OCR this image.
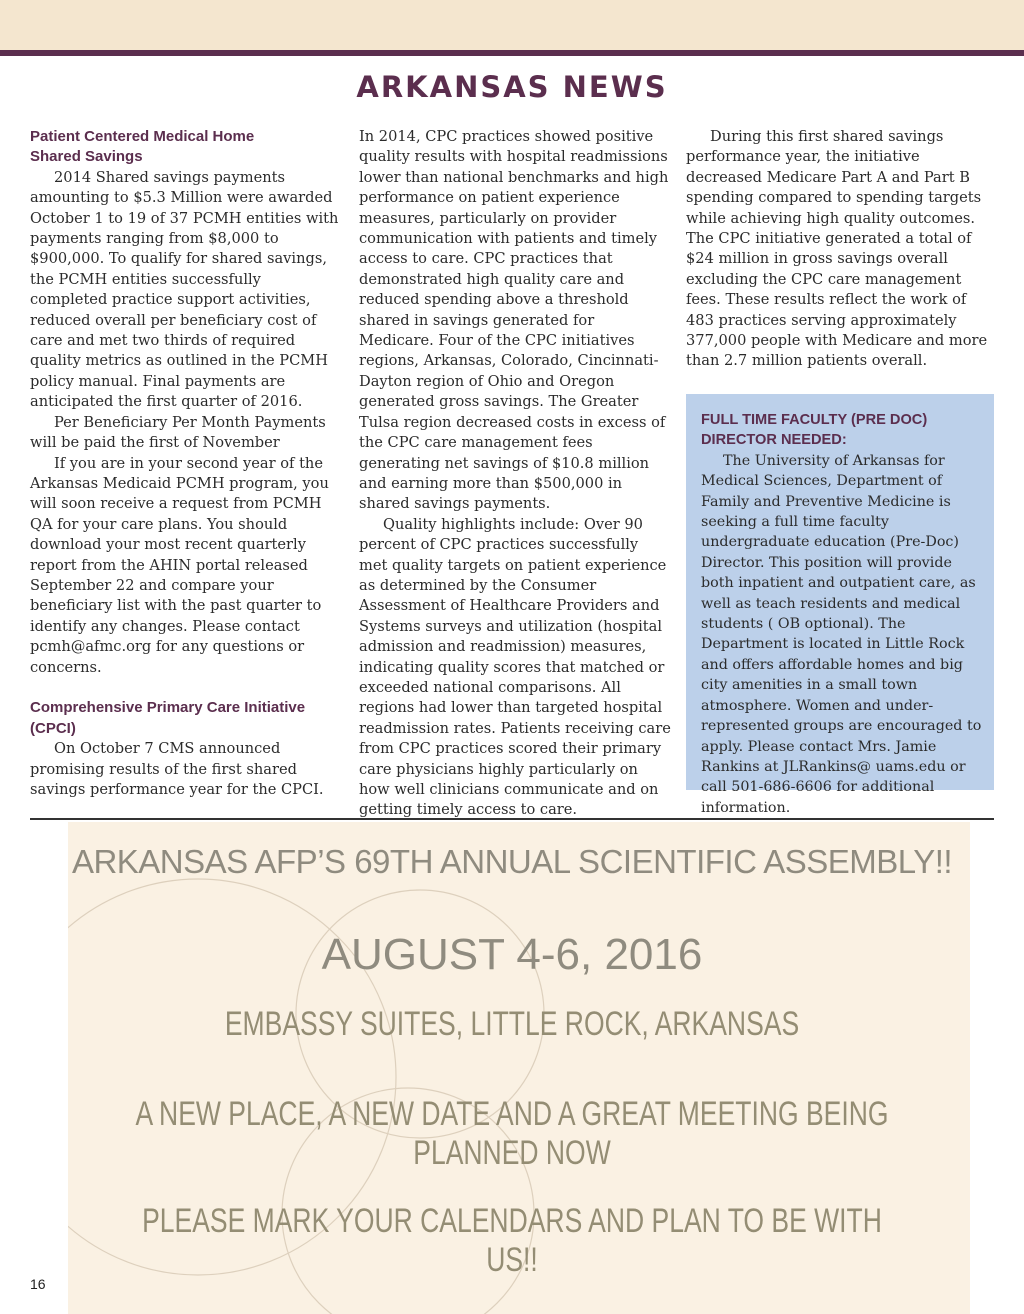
ARKANSAS NEWS
Patient Centered Medical Home
Shared Savings

2014 Shared savings payments amounting to $5.3 Million were awarded October 1 to 19 of 37 PCMH entities with payments ranging from $8,000 to $900,000. To qualify for shared savings, the PCMH entities successfully completed practice support activities, reduced overall per beneficiary cost of care and met two thirds of required quality metrics as outlined in the PCMH policy manual. Final payments are anticipated the first quarter of 2016.

Per Beneficiary Per Month Payments will be paid the first of November

If you are in your second year of the Arkansas Medicaid PCMH program, you will soon receive a request from PCMH QA for your care plans. You should download your most recent quarterly report from the AHIN portal released September 22 and compare your beneficiary list with the past quarter to identify any changes. Please contact pcmh@afmc.org for any questions or concerns.

Comprehensive Primary Care Initiative
(CPCI)

On October 7 CMS announced promising results of the first shared savings performance year for the CPCI.

In 2014, CPC practices showed positive quality results with hospital readmissions lower than national benchmarks and high performance on patient experience measures, particularly on provider communication with patients and timely access to care. CPC practices that demonstrated high quality care and reduced spending above a threshold shared in savings generated for Medicare. Four of the CPC initiatives regions, Arkansas, Colorado, Cincinnati-Dayton region of Ohio and Oregon generated gross savings. The Greater Tulsa region decreased costs in excess of the CPC care management fees generating net savings of $10.8 million and earning more than $500,000 in shared savings payments.

Quality highlights include: Over 90 percent of CPC practices successfully met quality targets on patient experience as determined by the Consumer Assessment of Healthcare Providers and Systems surveys and utilization (hospital admission and readmission) measures, indicating quality scores that matched or exceeded national comparisons. All regions had lower than targeted hospital readmission rates. Patients receiving care from CPC practices scored their primary care physicians highly particularly on how well clinicians communicate and on getting timely access to care.

During this first shared savings performance year, the initiative decreased Medicare Part A and Part B spending compared to spending targets while achieving high quality outcomes. The CPC initiative generated a total of $24 million in gross savings overall excluding the CPC care management fees. These results reflect the work of 483 practices serving approximately 377,000 people with Medicare and more than 2.7 million patients overall.

FULL TIME FACULTY (PRE DOC)
DIRECTOR NEEDED:

The University of Arkansas for Medical Sciences, Department of Family and Preventive Medicine is seeking a full time faculty undergraduate education (Pre-Doc) Director. This position will provide both inpatient and outpatient care, as well as teach residents and medical students ( OB optional). The Department is located in Little Rock and offers affordable homes and big city amenities in a small town atmosphere. Women and under-represented groups are encouraged to apply. Please contact Mrs. Jamie Rankins at JLRankins@ uams.edu or call 501-686-6606 for additional information.

ARKANSAS AFP’S 69TH ANNUAL SCIENTIFIC ASSEMBLY!!
AUGUST 4-6, 2016
EMBASSY SUITES, LITTLE ROCK, ARKANSAS
A NEW PLACE, A NEW DATE AND A GREAT MEETING BEING PLANNED NOW
PLEASE MARK YOUR CALENDARS AND PLAN TO BE WITH US!!
16
